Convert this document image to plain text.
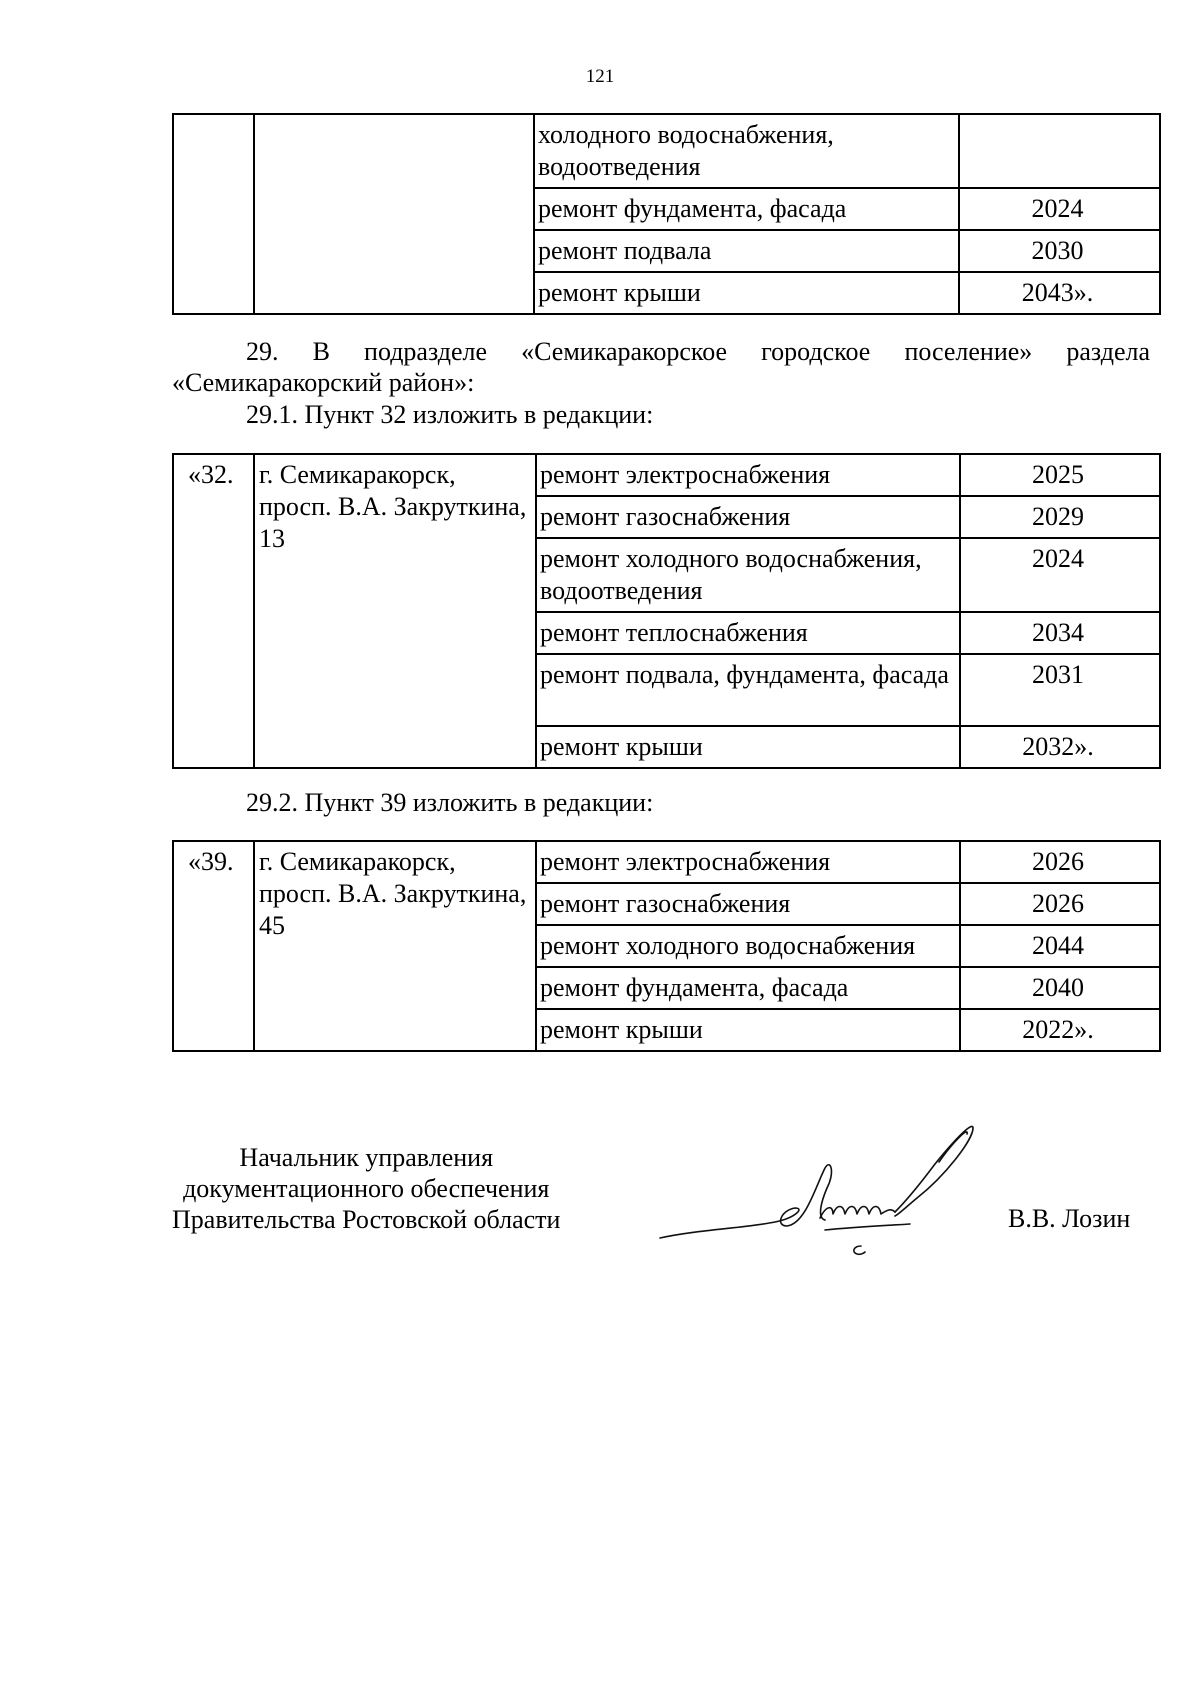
121
		холодного водоснабжения, водоотведения	
		ремонт фундамента, фасада	2024
		ремонт подвала	2030
		ремонт крыши	2043».
29. В подразделе «Семикаракорское городское поселение» раздела «Семикаракорский район»:
29.1. Пункт 32 изложить в редакции:
«32.	г. Семикаракорск, просп. В.А. Закруткина, 13	ремонт электроснабжения	2025
		ремонт газоснабжения	2029
		ремонт холодного водоснабжения, водоотведения	2024
		ремонт теплоснабжения	2034
		ремонт подвала, фундамента, фасада	2031
		ремонт крыши	2032».
29.2. Пункт 39 изложить в редакции:
«39.	г. Семикаракорск, просп. В.А. Закруткина, 45	ремонт электроснабжения	2026
		ремонт газоснабжения	2026
		ремонт холодного водоснабжения	2044
		ремонт фундамента, фасада	2040
		ремонт крыши	2022».
Начальник управления
документационного обеспечения
Правительства Ростовской области	В.В. Лозин
